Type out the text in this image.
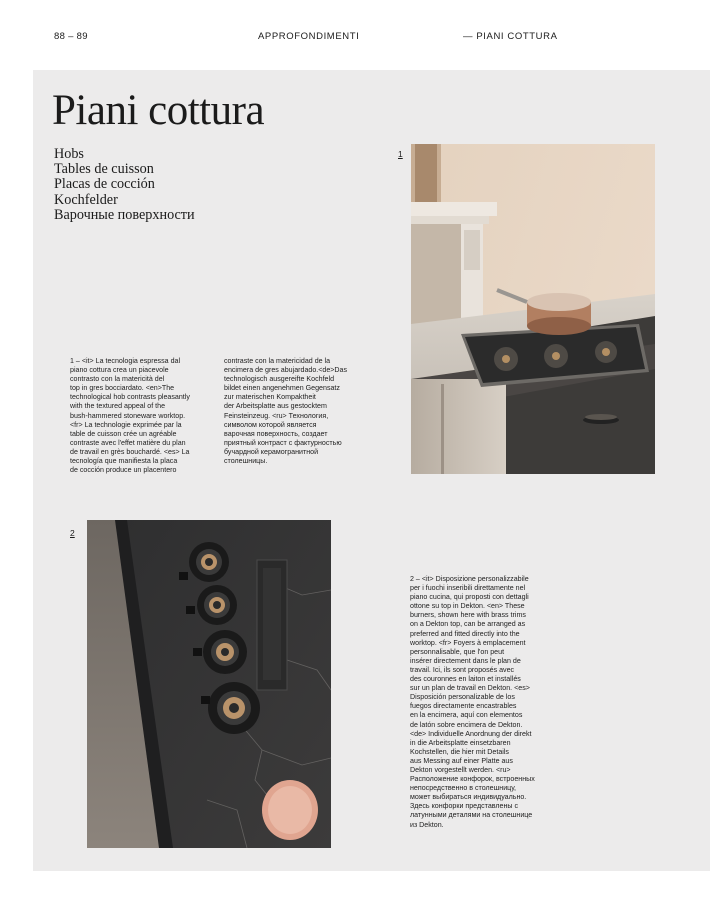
88 – 89	APPROFONDIMENTI	— PIANI COTTURA
Piani cottura
Hobs
Tables de cuisson
Placas de cocción
Kochfelder
Варочные поверхности
1
1 – <it> La tecnologia espressa dal
piano cottura crea un piacevole
contrasto con la matericità del
top in gres bocciardato. <en>The
technological hob contrasts pleasantly
with the textured appeal of the
bush-hammered stoneware worktop.
<fr> La technologie exprimée par la
table de cuisson crée un agréable
contraste avec l'effet matière du plan
de travail en grès bouchardé. <es> La
tecnología que manifiesta la placa
de cocción produce un placentero
contraste con la matericidad de la
encimera de gres abujardado.<de>Das
technologisch ausgereifte Kochfeld
bildet einen angenehmen Gegensatz
zur materischen Kompaktheit
der Arbeitsplatte aus gestocktem
Feinsteinzeug. <ru> Технология,
символом которой является
варочная поверхность, создает
приятный контраст с фактурностью
бучардной керамогранитной
столешницы.
2
2 – <it> Disposizione personalizzabile
per i fuochi inseribili direttamente nel
piano cucina, qui proposti con dettagli
ottone su top in Dekton. <en> These
burners, shown here with brass trims
on a Dekton top, can be arranged as
preferred and fitted directly into the
worktop. <fr> Foyers à emplacement
personnalisable, que l'on peut
insérer directement dans le plan de
travail. Ici, ils sont proposés avec
des couronnes en laiton et installés
sur un plan de travail en Dekton. <es>
Disposición personalizable de los
fuegos directamente encastrables
en la encimera, aquí con elementos
de latón sobre encimera de Dekton.
<de> Individuelle Anordnung der direkt
in die Arbeitsplatte einsetzbaren
Kochstellen, die hier mit Details
aus Messing auf einer Platte aus
Dekton vorgestellt werden. <ru>
Расположение конфорок, встроенных
непосредственно в столешницу,
может выбираться индивидуально.
Здесь конфорки представлены с
латунными деталями на столешнице
из Dekton.
